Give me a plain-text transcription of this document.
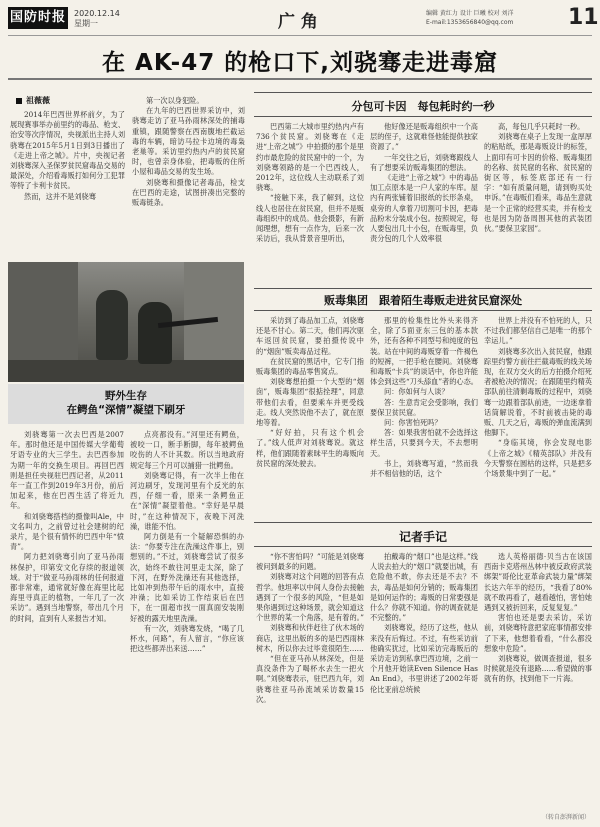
国防时报 2020.12.14
星期一	广 角	编辑 黄红力 设计 巨曦 校对 刘洋
E-mail:1353656840@qq.com	11
在 AK-47 的枪口下,刘骁骞走进毒窟
祖薇薇

2014年巴西世界杯前夕，为了展现赛事举办前里约的毒品、枪支、治安等次序情况，央视派出主持人刘骁骞在2015年5月1日到3日播出了《走进上帝之城》。片中，央视记者刘骁骞深入圣保罗贫民窟毒品交易的最深处，介绍看毒贩打如何分工犯罪等特了卡利卡贫民。

然而，这并不是刘骁骞

第一次以身犯险。

在九年的巴西世界采访中，刘骁骞走访了亚马孙雨林深处的捕毒重镇，跟随警察在西南腹地拦截运毒的车辆，暗访马拉卡边境的毒枭老巢等。采访里约热内卢的贫民窟时，也曾亲身体验，把毒贩的住所小屋和毒品交易的发生场。

刘骁骞和摄像记者毒品，检支在巴西的走途，试图拼凑出完整的贩毒链条。

分包可卡因　每包耗时约一秒

巴西第二大城市里约热内卢有736个贫民窟。刘骁骞在《走进“上帝之城”》中拍摄的那个是里约市最危险的贫民窟中的一个，为刘骁骞领路的是一个巴西线人，2012年，这位线人主动联系了刘骁骞。

“接触下来，我了解到，这位线人也居住在贫民窟，但并不是贩毒组织中的成员。他会摄影，有新闻理想，想有一点作为，后来一次采访后，我从背景音里听出，

他好像还是贩毒组织中一个高层的侄子，这就难怪他能提供独家资源了。”

一年交往之后，刘骁骞跟线人有了想要采访贩毒集团的想法。

《走进“上帝之城”》中的毒品加工点原本是一户人家的车库。屋内有两张铺着旧报纸的长形条桌，桌旁的人拿着刀切割可卡因，把毒品粉末分装成小包。按照规定，每人要包出几十小包，在贩毒里，负责分包的几个人效率很

高，每包几乎只耗时一秒。

刘骁骞在桌子上发现一盒厚厚的粘贴纸，那是毒贩设计的标签，上面印有可卡因的价格、贩毒集团的名称、贫民窟的名称、贫民窟的街区等，标签底部还有一行字：“如有质量问题，请到购买处申诉。”在毒贩们看来，毒品生意就是一个正常的经营买卖，并有检支也是因为防备周围其他的武装团伙。”要保卫家园”。

贩毒集团　跟着陌生毒贩走进贫民窟深处

采访到了毒品加工点，刘骁骞还是不甘心。第二天，他们再次驱车返回贫民窟，要拍摄传说中的“烟囱”贩卖毒品过程。

在贫民窟的黑话中，它专门指贩毒集团的毒品零售窝点。

刘骁骞想拍摄一个大型的“烟囱”，贩毒集团“很掂拴理”，同意带他们去看，但要乘车并更受线走。线人突然说他不去了，就在原地等着。

“好好拍，只有这个机会了。”线人低声对刘骁骞说。就这样，他们跟随着素昧平生的毒贩向贫民窟的深处驶去。

那里的检集性比外头来得齐全，除了5面亚东三包的基本款外，还有各种不同型号和纯度的包装。站在中间的毒贩穿着一件褐色的短裤，一把手枪在腰间。刘骁骞和毒贩“卡兵”的谈话中，你也许能体会到这些“刀头舔血”者的心态。

问：你如何与人谈？

答：生意肯定会受影响，我们要保卫贫民窟。

问：你害怕死吗？

答：如果我害怕就不会选择这样生活，只要到今天，不去想明天。

书上，刘骁骞写道，“然而我并不相信他的话，这个

世界上并没有不怕死的人，只不过我们都坚信自己是唯一的那个幸运儿。”

刘骁骞多次出入贫民窟，他跟踪里约警方前往拦截毒贩的线关场现，在双方交火的后方拍摄介绍死者被枪决的情况；在跟随里约精英部队前往清剿毒贩的过程中，刘骁骞一边跟着部队前进，一边迷拿着话筒解说着，不时前被击毙的毒贩、几天之后，毒贩的弹血流满到他脚下。

“身临其境，你会发现电影《上帝之城》《精英部队》并没有今天警察在圆枯的这样，只是把多个场景集中到了一起。”

野外生存
在鳄鱼“深情”凝望下刷牙

刘骁骞第一次去巴西是2007年。那时他还是中国传媒大学葡萄牙语专业的大三学生。去巴西参加为期一年的交换生项目。再回巴西则是担任央视驻巴西记者，从2011年一直工作到2019年3月份，前后加起来，他在巴西生活了将近九年。

和刘骁骞搭档的摄像叫Ale，中文名叫力，之前曾过社会建树的纪录片，是个很有情怀的巴西中年“愤青”。

阿力把刘骁骞引向了亚马孙雨林保护，印第安文化存续的报道领域。对于“做亚马孙雨林的任何报道都非常难，通常就好像在海里比起海里寻真正的植物，一年几了一次采访”。遇到当地警察，带出几个月的时间，直到有人来报告才知。

点亮都没有。”河里还有鳄鱼，被咬一口，断手断脚，每年被鳄鱼咬伤的人不计其数。所以当地政府规定每三个月可以捕猎一批鳄鱼。

刘骁骞记得，有一次半上他在河边刷牙，发现河里有个反光的东西，仔细一看，原来一条鳄鱼正在“深情”凝望着他。“幸好是早晨时，”在这种情况下，夜晚下河洗澡，谁能不怕。

阿力倒是有一个疑解恐惧的办法：“你要专注在洗澡这件事上，别想别的。”不过，刘骁骞尝试了很多次，始终不敢往河里走太深，除了下河，在野外洗澡还有其他选择，比如冲到热带午后的雨水中，直接冲澡；比如采访工作结束后在凹下，在一面超市找一面真面安装刚好被的露天地里洗澡。

有一次，刘骁骞发烧，“喝了几杯水，问路”，有人留言，“你应该把这些都弄出来送……”

记者手记

“你不害怕吗？”可能是刘骁骞被问到最多的问题。

刘骁骞对这个问题的回答有点哲学。他坦率以中间人身份去接触遇到了一个很多的风险，“但是如果你遇到过这种场景，就会知道这个世界的某一个角落，是有着的。”

刘骁骞和伙伴赶往了伙木场的商店，这里出版的多的是巴西雨林树木，所以你去过毕竟很陌生……

“但在亚马孙从林深处，但是真没条件为了喝杯水去生一把火啊。”刘骁骞表示，驻巴西九年，刘骁骞往亚马孙流域采访数量15次。

拍戴毒的“烟口”也是这样。”线人说去拍大的“烟口”就要出城，有危险他不敢，你去还是不去？不去，毒品是如何分销的；贩毒集团是如何运作的；毒贩的日常要强是什么？你就不知道。你的调查就是不完整的。”

刘骁骞说，经历了这些，他从来没有后悔过。不过，有些采访前他确实犹过，比如采访完毒贩后的采访走访到私拿巴西边境，之前一个月他开始读Even Silence Has An End》，书里讲述了2002年哥伦比亚前总统候

选人英格丽德·贝当古在该国西南卡克塔州丛林中被反政府武装绑架”哥伦比亚革命武装力量”绑架长达六年半的经历，“我看了80%就不敢再看了，越看越怕，害怕她遇到又被折回来，反复复复。”

害怕也还是要去采访，采访前，刘骁骞特意把家庭事情都安排了下来，他想着看看，“什么都没想象中危险”。

刘骁骞说，做调查报道，很多时候就是没有退路……希望做的事就有的你，找到他下一片海。

（转自澎湃新闻）
